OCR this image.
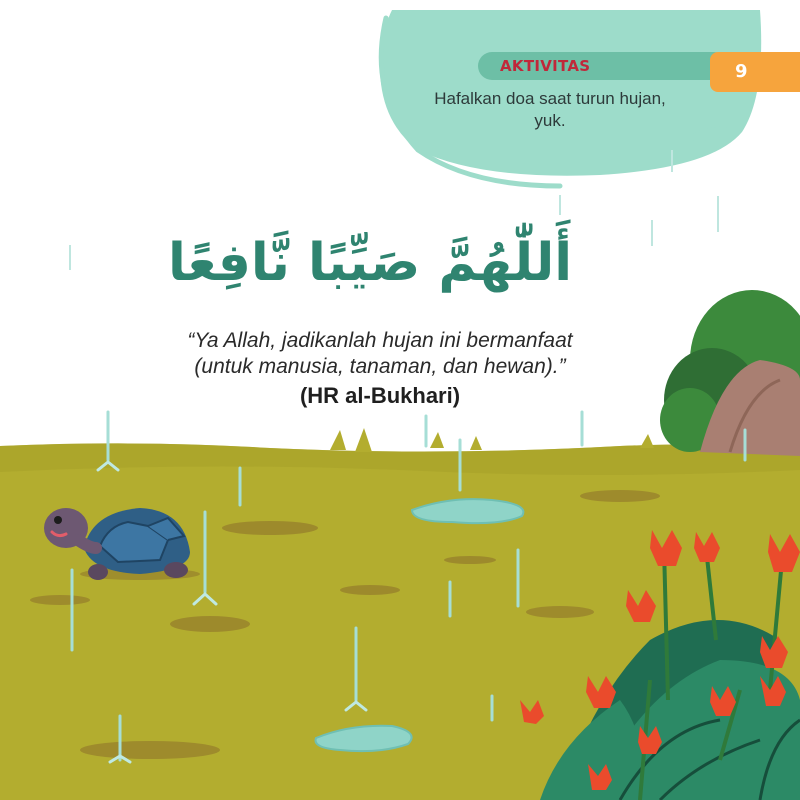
AKTIVITAS	9
Hafalkan doa saat turun hujan, yuk.
أَللّٰهُمَّ صَيِّبًا نَّافِعًا
“Ya Allah, jadikanlah hujan ini bermanfaat
(untuk manusia, tanaman, dan hewan).”
(HR al-Bukhari)
